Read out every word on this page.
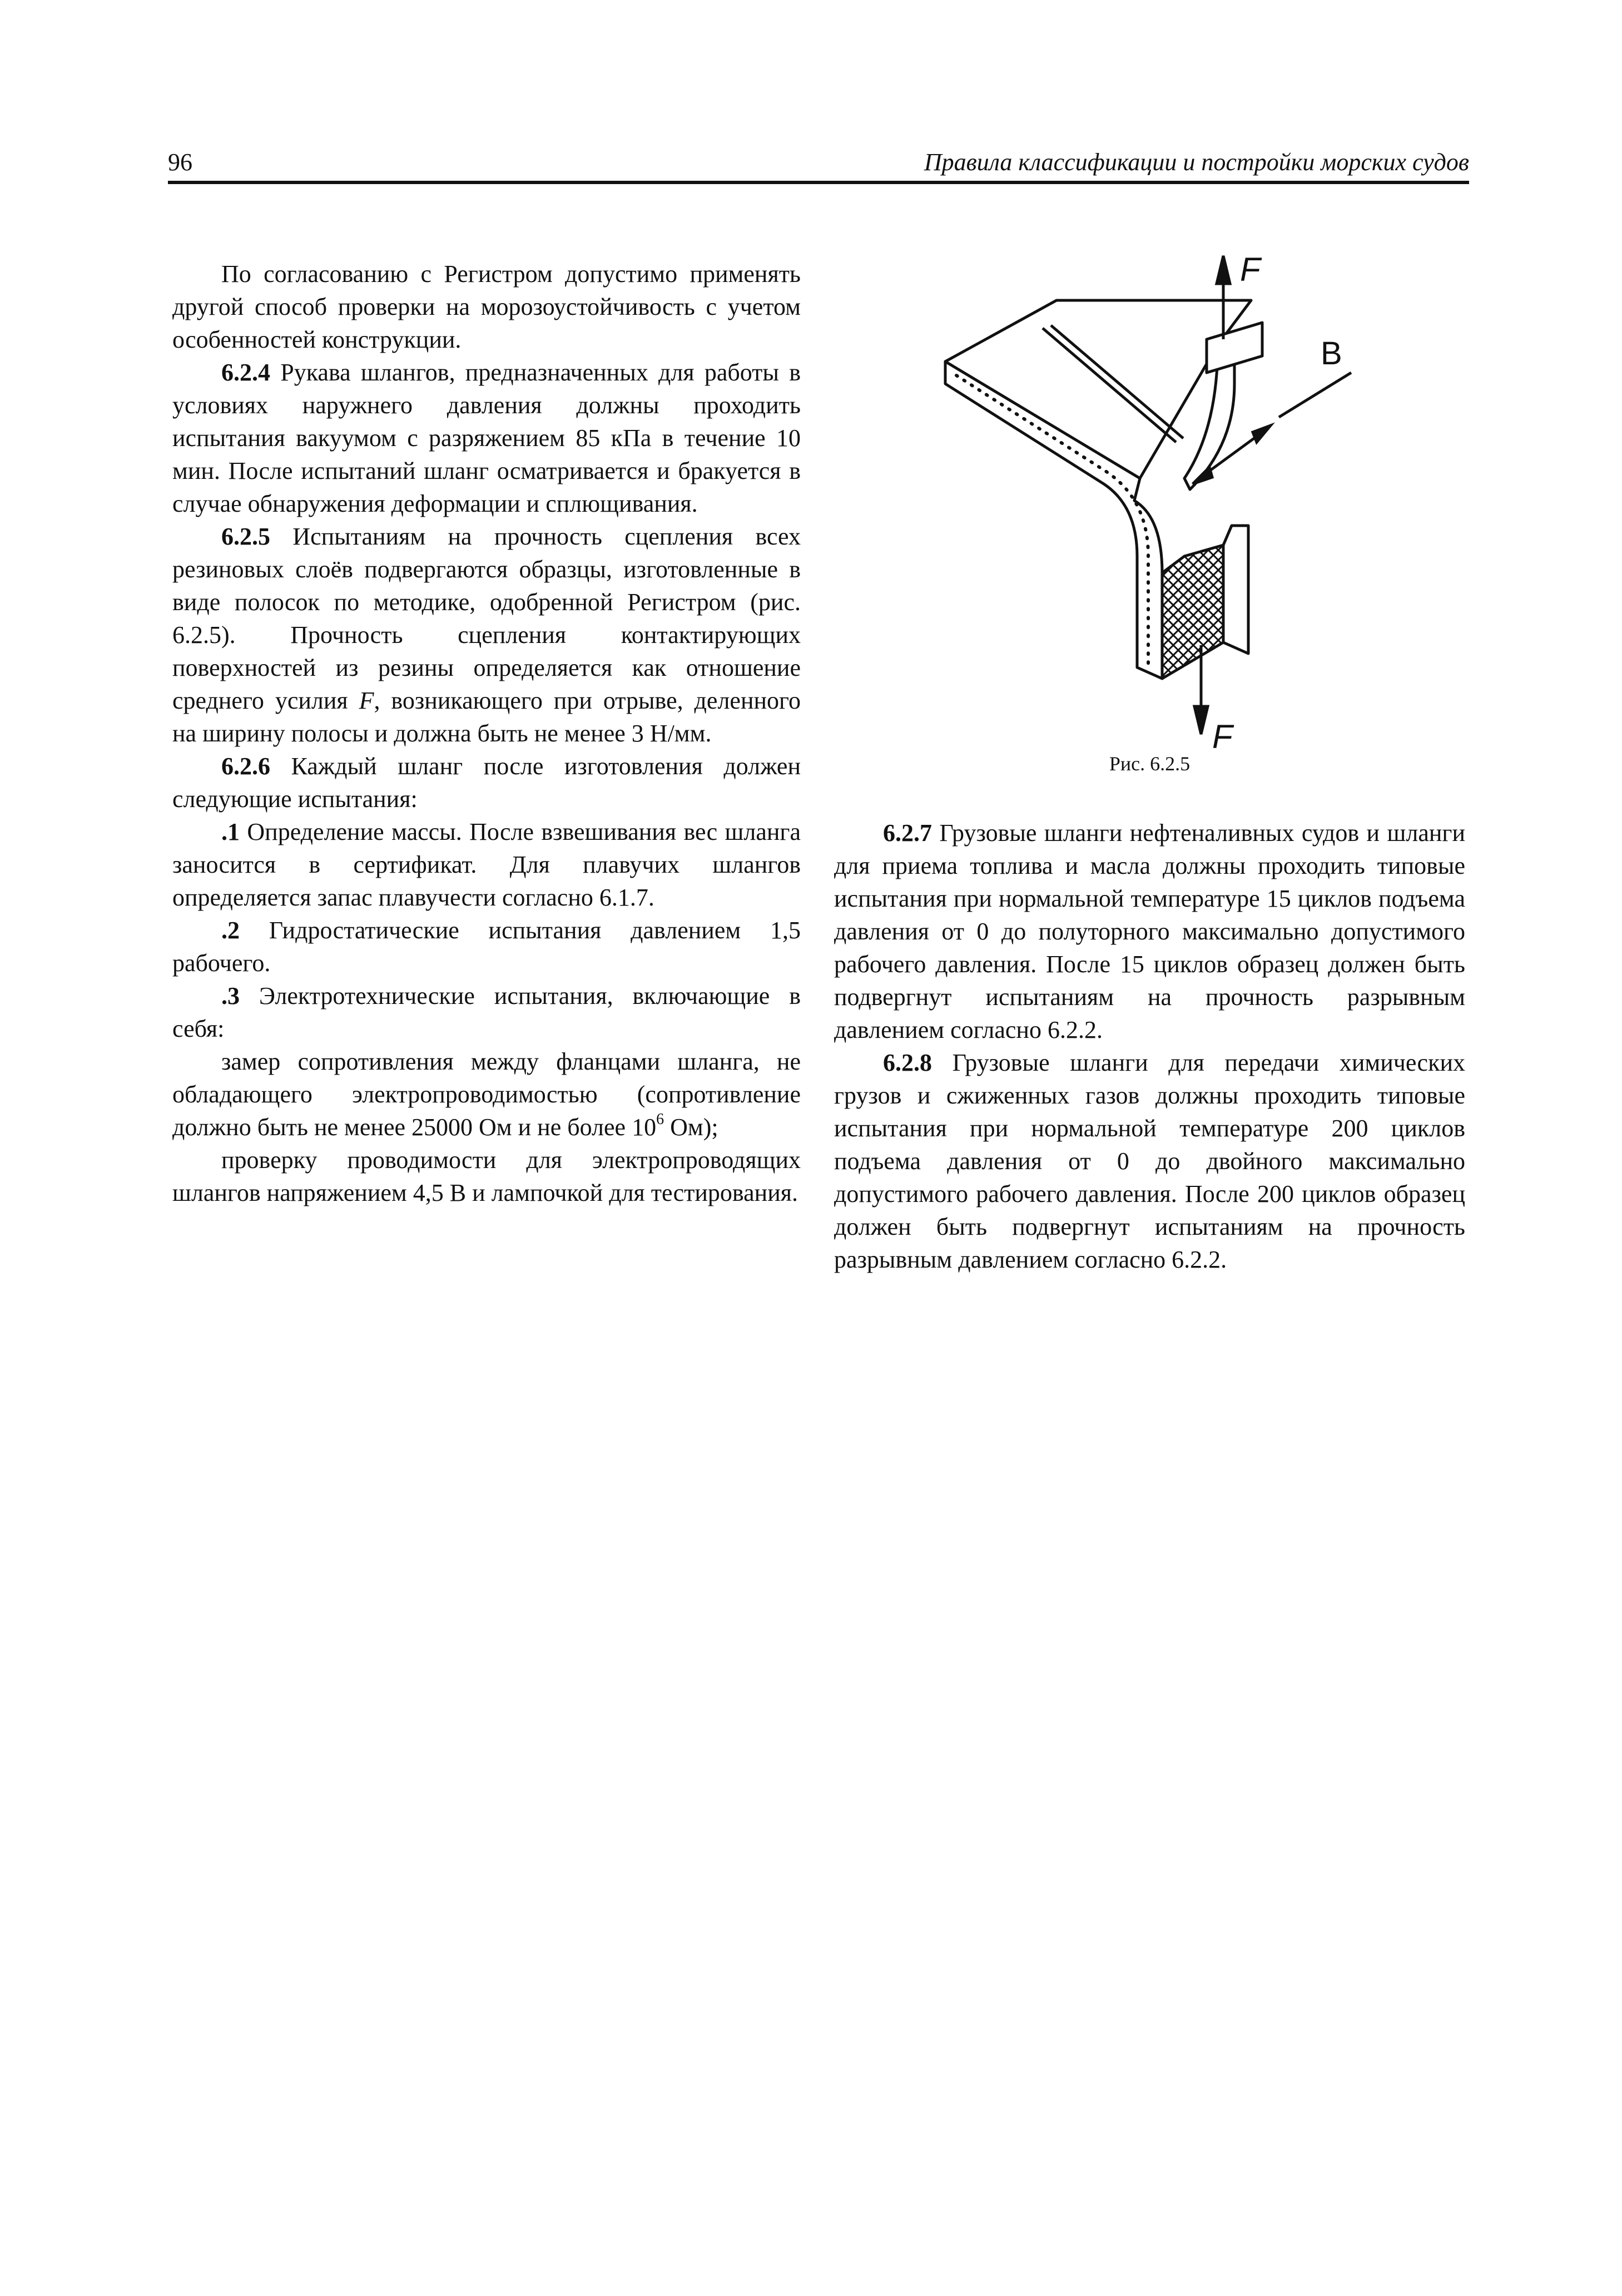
96	Правила классификации и постройки морских судов

По согласованию с Регистром допустимо применять другой способ проверки на морозоустойчивость с учетом особенностей конструкции.

6.2.4 Рукава шлангов, предназначенных для работы в условиях наружнего давления должны проходить испытания вакуумом с разряжением 85 кПа в течение 10 мин. После испытаний шланг осматривается и бракуется в случае обнаружения деформации и сплющивания.

6.2.5 Испытаниям на прочность сцепления всех резиновых слоёв подвергаются образцы, изготовленные в виде полосок по методике, одобренной Регистром (рис. 6.2.5). Прочность сцепления контактирующих поверхностей из резины определяется как отношение среднего усилия F, возникающего при отрыве, деленного на ширину полосы и должна быть не менее 3 Н/мм.

6.2.6 Каждый шланг после изготовления должен следующие испытания:

.1 Определение массы. После взвешивания вес шланга заносится в сертификат. Для плавучих шлангов определяется запас плавучести согласно 6.1.7.

.2 Гидростатические испытания давлением 1,5 рабочего.

.3 Электротехнические испытания, включающие в себя:

замер сопротивления между фланцами шланга, не обладающего электропроводимостью (сопротивление должно быть не менее 25000 Ом и не более $10^6$ Ом);

проверку проводимости для электропроводящих шлангов напряжением 4,5 В и лампочкой для тестирования.

F
F
B
Рис. 6.2.5

6.2.7 Грузовые шланги нефтеналивных судов и шланги для приема топлива и масла должны проходить типовые испытания при нормальной температуре 15 циклов подъема давления от 0 до полуторного максимально допустимого рабочего давления. После 15 циклов образец должен быть подвергнут испытаниям на прочность разрывным давлением согласно 6.2.2.

6.2.8 Грузовые шланги для передачи химических грузов и сжиженных газов должны проходить типовые испытания при нормальной температуре 200 циклов подъема давления от 0 до двойного максимально допустимого рабочего давления. После 200 циклов образец должен быть подвергнут испытаниям на прочность разрывным давлением согласно 6.2.2.
